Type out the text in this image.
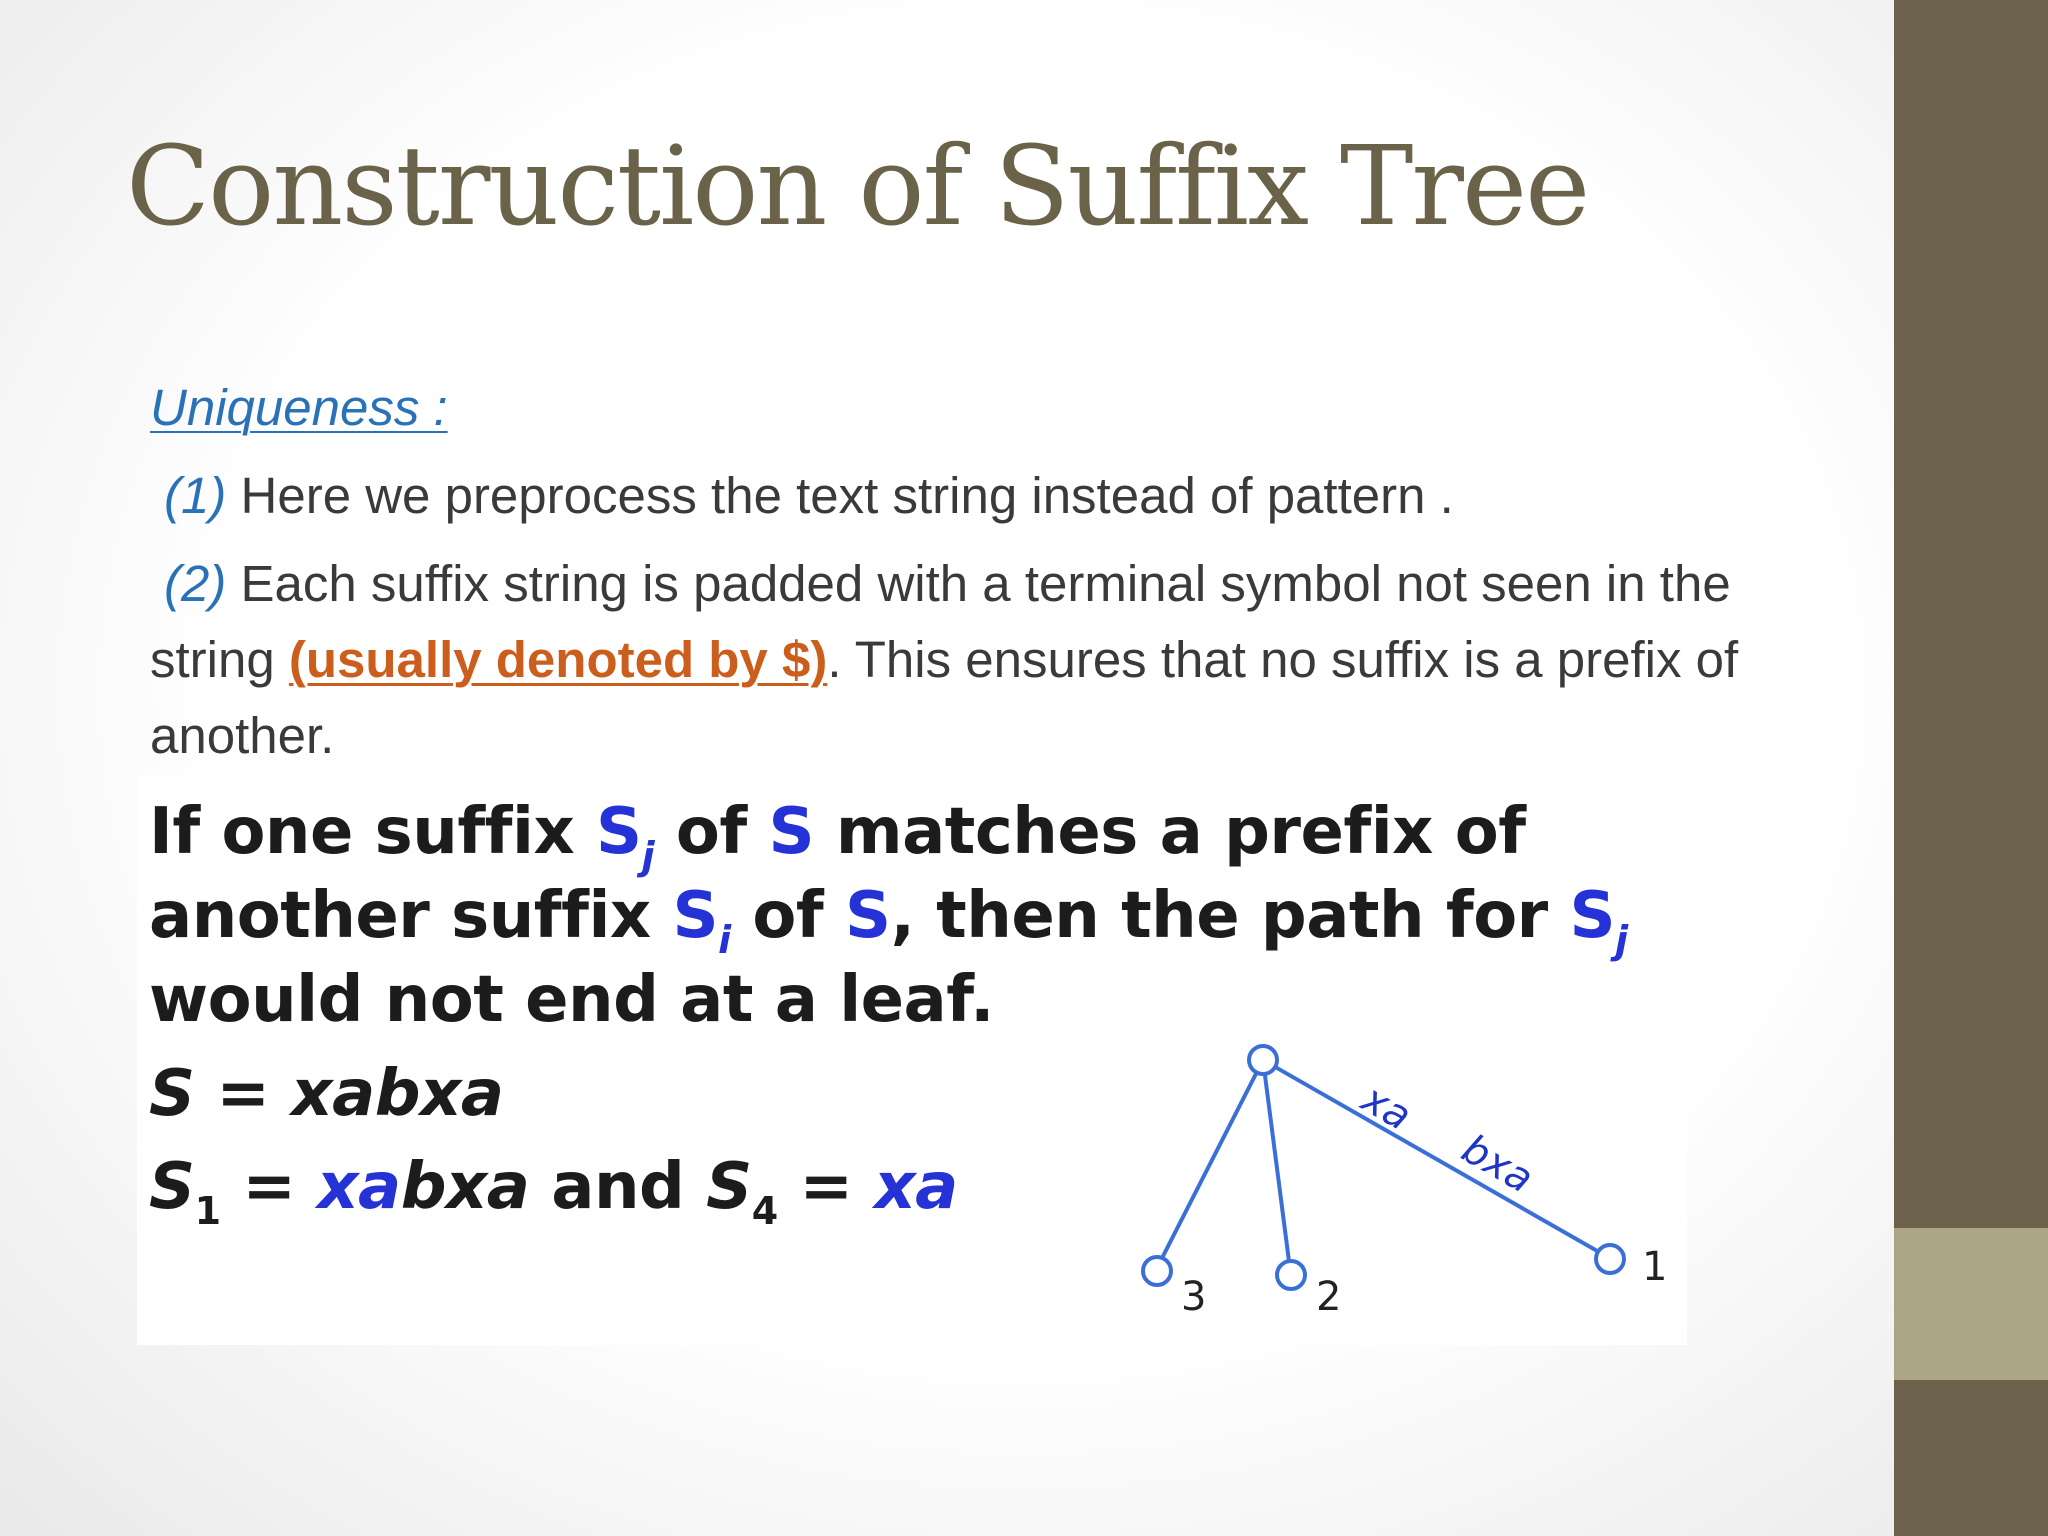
Construction of Suffix Tree
Uniqueness :
(1) Here we preprocess the text string instead of pattern .
(2) Each suffix string is padded with a terminal symbol not seen in the string (usually denoted by $). This ensures that no suffix is a prefix of another.
If one suffix $S_j$ of S matches a prefix of
another suffix $S_i$ of S, then the path for $S_j$
would not end at a leaf.
S = xabxa
$S_1$ = xabxa and $S_4$ = xa
xa
bxa
3	2
1
